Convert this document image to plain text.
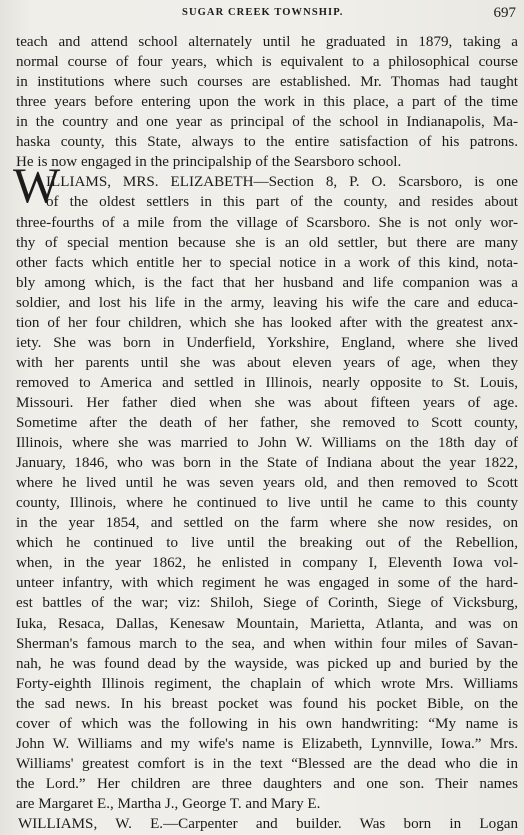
SUGAR CREEK TOWNSHIP.	697
W
teach and attend school alternately until he graduated in 1879, taking a
normal course of four years, which is equivalent to a philosophical course
in institutions where such courses are established. Mr. Thomas had taught
three years before entering upon the work in this place, a part of the time
in the country and one year as principal of the school in Indianapolis, Ma-
haska county, this State, always to the entire satisfaction of his patrons.
He is now engaged in the principalship of the Searsboro school.
ILLIAMS, MRS. ELIZABETH—Section 8, P. O. Scarsboro, is one
of the oldest settlers in this part of the county, and resides about
three-fourths of a mile from the village of Scarsboro. She is not only wor-
thy of special mention because she is an old settler, but there are many
other facts which entitle her to special notice in a work of this kind, nota-
bly among which, is the fact that her husband and life companion was a
soldier, and lost his life in the army, leaving his wife the care and educa-
tion of her four children, which she has looked after with the greatest anx-
iety. She was born in Underfield, Yorkshire, England, where she lived
with her parents until she was about eleven years of age, when they
removed to America and settled in Illinois, nearly opposite to St. Louis,
Missouri. Her father died when she was about fifteen years of age.
Sometime after the death of her father, she removed to Scott county,
Illinois, where she was married to John W. Williams on the 18th day of
January, 1846, who was born in the State of Indiana about the year 1822,
where he lived until he was seven years old, and then removed to Scott
county, Illinois, where he continued to live until he came to this county
in the year 1854, and settled on the farm where she now resides, on
which he continued to live until the breaking out of the Rebellion,
when, in the year 1862, he enlisted in company I, Eleventh Iowa vol-
unteer infantry, with which regiment he was engaged in some of the hard-
est battles of the war; viz: Shiloh, Siege of Corinth, Siege of Vicksburg,
Iuka, Resaca, Dallas, Kenesaw Mountain, Marietta, Atlanta, and was on
Sherman's famous march to the sea, and when within four miles of Savan-
nah, he was found dead by the wayside, was picked up and buried by the
Forty-eighth Illinois regiment, the chaplain of which wrote Mrs. Williams
the sad news. In his breast pocket was found his pocket Bible, on the
cover of which was the following in his own handwriting: “My name is
John W. Williams and my wife's name is Elizabeth, Lynnville, Iowa.” Mrs.
Williams' greatest comfort is in the text “Blessed are the dead who die in
the Lord.” Her children are three daughters and one son. Their names
are Margaret E., Martha J., George T. and Mary E.
WILLIAMS, W. E.—Carpenter and builder. Was born in Logan
